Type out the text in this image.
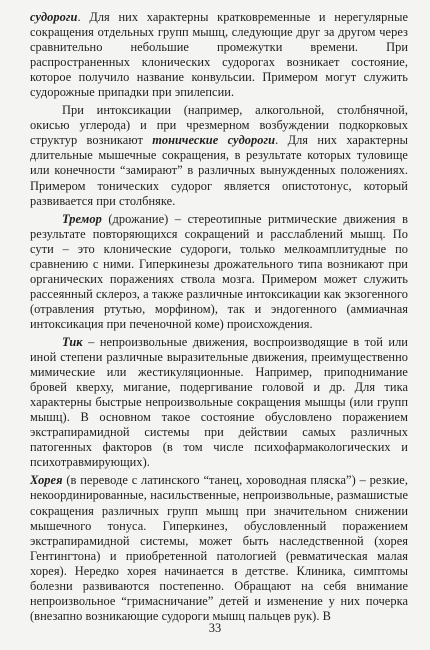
судороги. Для них характерны кратковременные и нерегулярные сокращения отдельных групп мышц, следующие друг за другом через сравнительно небольшие промежутки времени. При распространенных клонических судорогах возникает состояние, которое получило название конвульсии. Примером могут служить судорожные припадки при эпилепсии.

При интоксикации (например, алкогольной, столбнячной, окисью углерода) и при чрезмерном возбуждении подкорковых структур возникают тонические судороги. Для них характерны длительные мышечные сокращения, в результате которых туловище или конечности “замирают” в различных вынужденных положениях. Примером тонических судорог является опистотонус, который развивается при столбняке.

Тремор (дрожание) – стереотипные ритмические движения в результате повторяющихся сокращений и расслаблений мышц. По сути – это клонические судороги, только мелкоамплитудные по сравнению с ними. Гиперкинезы дрожательного типа возникают при органических поражениях ствола мозга. Примером может служить рассеянный склероз, а также различные интоксикации как экзогенного (отравления ртутью, морфином), так и эндогенного (аммиачная интоксикация при печеночной коме) происхождения.

Тик – непроизвольные движения, воспроизводящие в той или иной степени различные выразительные движения, преимущественно мимические или жестикуляционные. Например, приподнимание бровей кверху, мигание, подергивание головой и др. Для тика характерны быстрые непроизвольные сокращения мышцы (или групп мышц). В основном такое состояние обусловлено поражением экстрапирамидной системы при действии самых различных патогенных факторов (в том числе психофармакологических и психотравмирующих).

Хорея (в переводе с латинского “танец, хороводная пляска”) – резкие, некоординированные, насильственные, непроизвольные, размашистые сокращения различных групп мышц при значительном снижении мышечного тонуса. Гиперкинез, обусловленный поражением экстрапирамидной системы, может быть наследственной (хорея Гентингтона) и приобретенной патологией (ревматическая малая хорея). Нередко хорея начинается в детстве. Клиника, симптомы болезни развиваются постепенно. Обращают на себя внимание непроизвольное “гримасничание” детей и изменение у них почерка (внезапно возникающие судороги мышц пальцев рук). В

33
